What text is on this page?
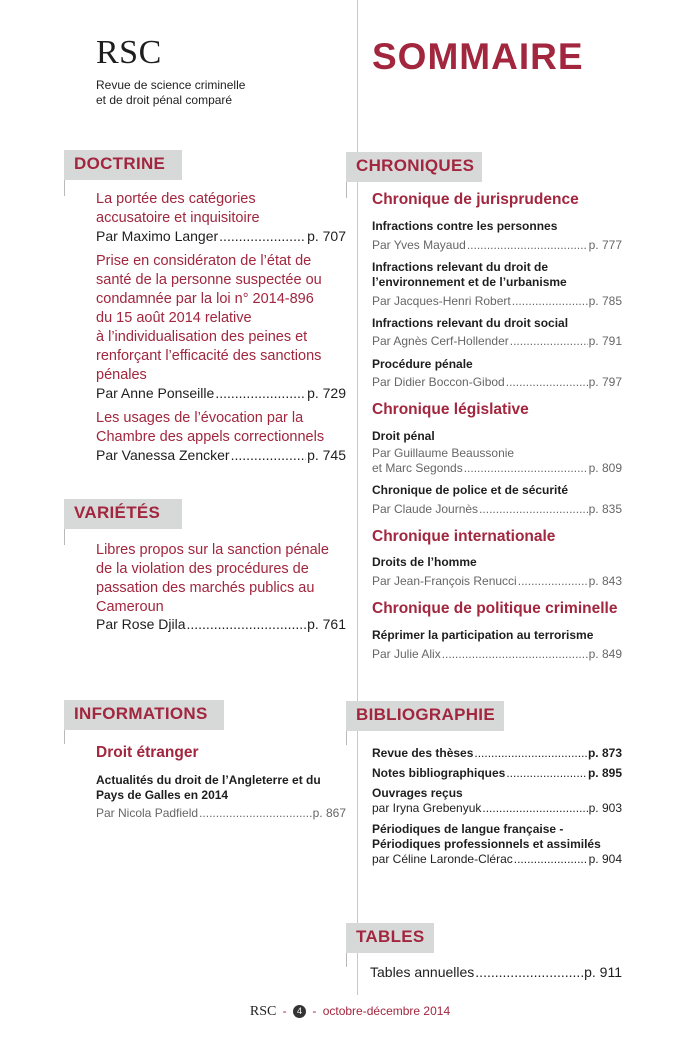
RSC
Revue de science criminelle
et de droit pénal comparé
SOMMAIRE
DOCTRINE
La portée des catégories
accusatoire et inquisitoire
Par Maximo Langer .....	p. 707
Prise en considératon de l’état de
santé de la personne suspectée ou
condamnée par la loi n° 2014-896
du 15 août 2014 relative
à l’individualisation des peines et
renforçant l’efficacité des sanctions
pénales
Par Anne Ponseille .....	p. 729
Les usages de l’évocation par la
Chambre des appels correctionnels
Par Vanessa Zencker .....	p. 745
VARIÉTÉS
Libres propos sur la sanction pénale
de la violation des procédures de
passation des marchés publics au
Cameroun
Par Rose Djila .....	p. 761
INFORMATIONS
Droit étranger
Actualités du droit de l’Angleterre et du
Pays de Galles en 2014
Par Nicola Padfield .....	p. 867
CHRONIQUES
Chronique de jurisprudence
Infractions contre les personnes
Par Yves Mayaud .....	p. 777
Infractions relevant du droit de
l’environnement et de l’urbanisme
Par Jacques-Henri Robert .....	p. 785
Infractions relevant du droit social
Par Agnès Cerf-Hollender .....	p. 791
Procédure pénale
Par Didier Boccon-Gibod .....	p. 797
Chronique législative
Droit pénal
Par Guillaume Beaussonie
et Marc Segonds .....	p. 809
Chronique de police et de sécurité
Par Claude Journès .....	p. 835
Chronique internationale
Droits de l’homme
Par Jean-François Renucci .....	p. 843
Chronique de politique criminelle
Réprimer la participation au terrorisme
Par Julie Alix .....	p. 849
BIBLIOGRAPHIE
Revue des thèses .....	p. 873
Notes bibliographiques .....	p. 895
Ouvrages reçus
par Iryna Grebenyuk .....	p. 903
Périodiques de langue française -
Périodiques professionnels et assimilés
par Céline Laronde-Clérac .....	p. 904
TABLES
Tables annuelles .....	p. 911
RSC - 4 - octobre-décembre 2014
